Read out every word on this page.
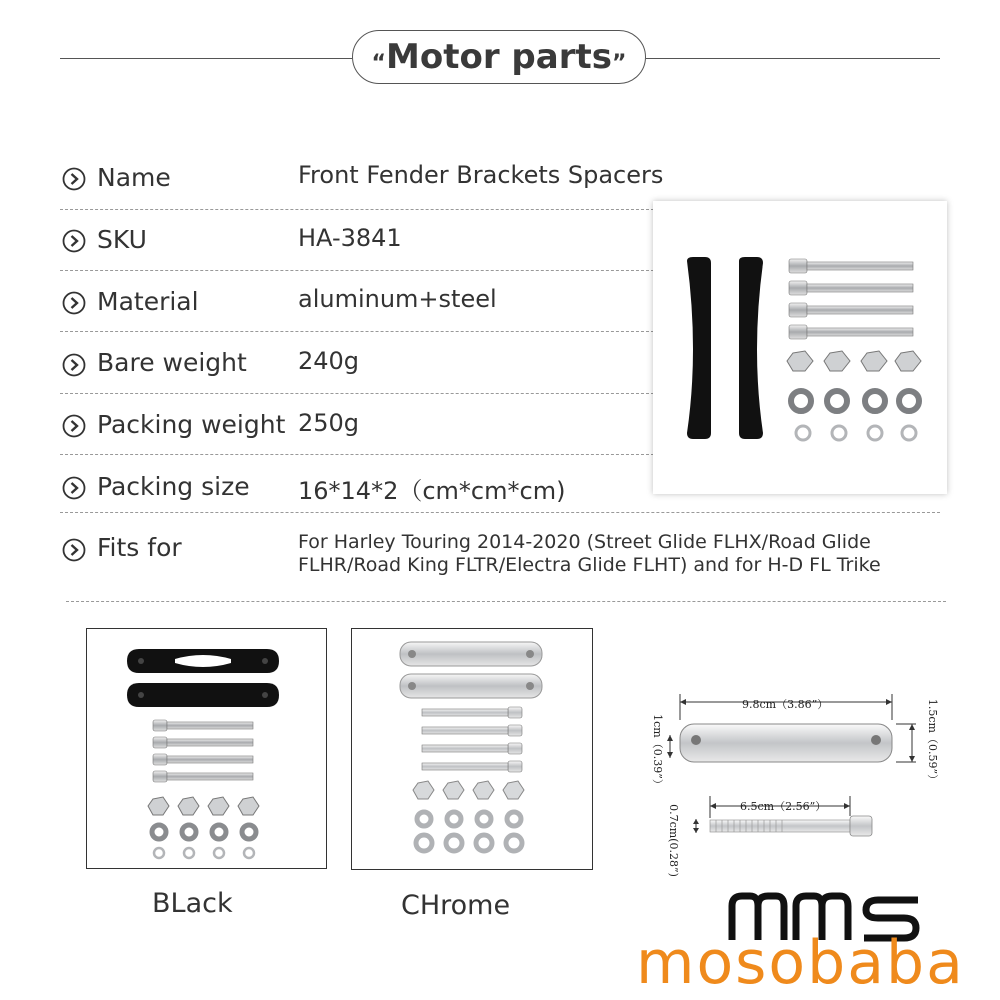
“Motor parts”
Name	Front Fender Brackets Spacers
SKU	HA-3841
Material	aluminum+steel
Bare weight 240g
Packing weight 250g
Packing size 16*14*2（cm*cm*cm)
Fits for	For Harley Touring 2014-2020 (Street Glide FLHX/Road Glide FLHR/Road King FLTR/Electra Glide FLHT) and for H-D FL Trike
BLack	CHrome
9.8cm（3.86”）
6.5cm（2.56”）
1cm（0.39”）	1.5cm（0.59”）
0.7cm(0.28”)
mosobaba
